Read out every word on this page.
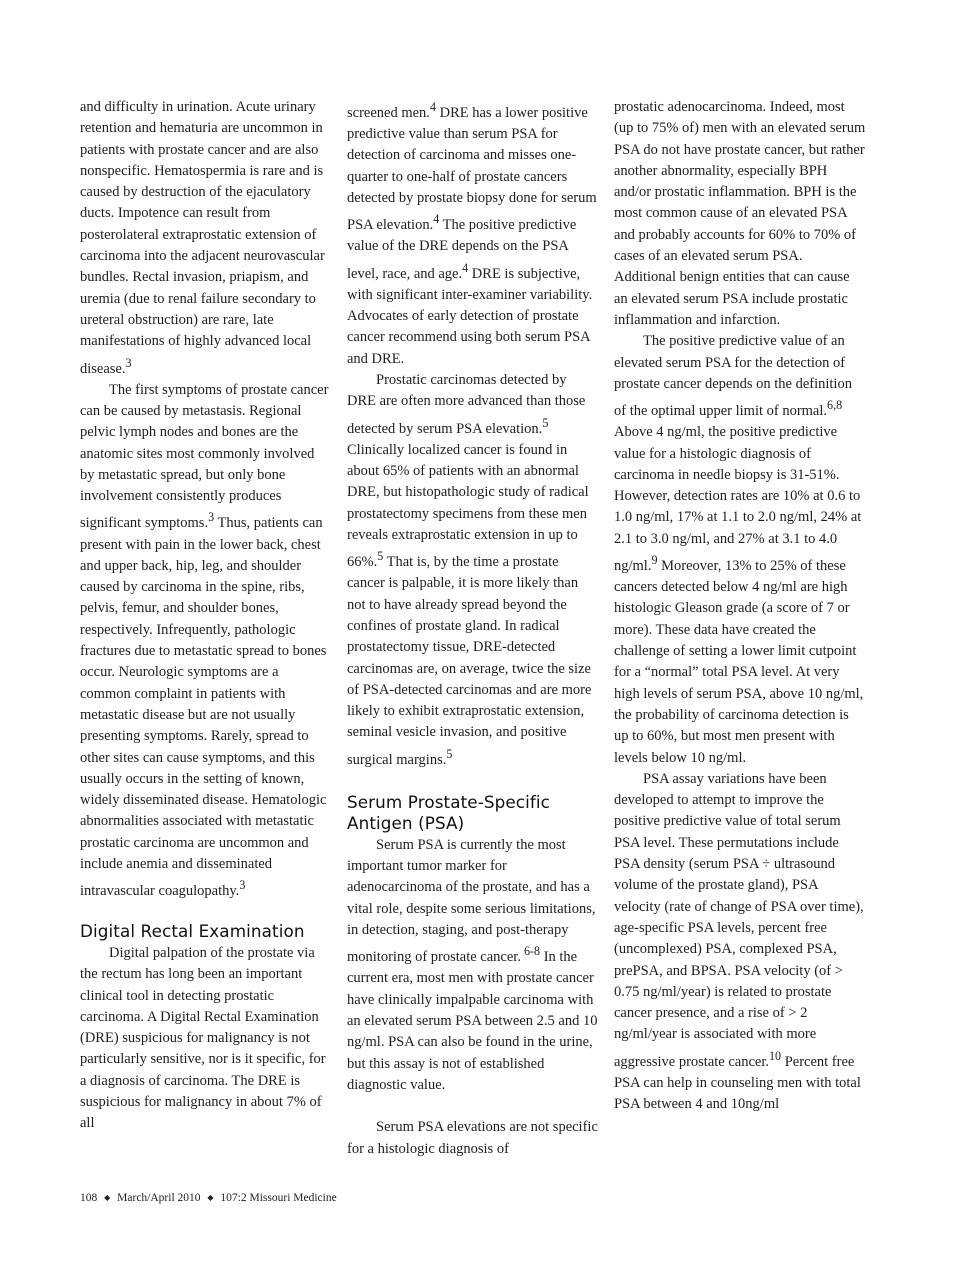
and difficulty in urination. Acute urinary retention and hematuria are uncommon in patients with prostate cancer and are also nonspecific. Hematospermia is rare and is caused by destruction of the ejaculatory ducts. Impotence can result from posterolateral extraprostatic extension of carcinoma into the adjacent neurovascular bundles. Rectal invasion, priapism, and uremia (due to renal failure secondary to ureteral obstruction) are rare, late manifestations of highly advanced local disease.$^3$

The first symptoms of prostate cancer can be caused by metastasis. Regional pelvic lymph nodes and bones are the anatomic sites most commonly involved by metastatic spread, but only bone involvement consistently produces significant symptoms.$^3$ Thus, patients can present with pain in the lower back, chest and upper back, hip, leg, and shoulder caused by carcinoma in the spine, ribs, pelvis, femur, and shoulder bones, respectively. Infrequently, pathologic fractures due to metastatic spread to bones occur. Neurologic symptoms are a common complaint in patients with metastatic disease but are not usually presenting symptoms. Rarely, spread to other sites can cause symptoms, and this usually occurs in the setting of known, widely disseminated disease. Hematologic abnormalities associated with metastatic prostatic carcinoma are uncommon and include anemia and disseminated intravascular coagulopathy.$^3$

Digital Rectal Examination

Digital palpation of the prostate via the rectum has long been an important clinical tool in detecting prostatic carcinoma. A Digital Rectal Examination (DRE) suspicious for malignancy is not particularly sensitive, nor is it specific, for a diagnosis of carcinoma. The DRE is suspicious for malignancy in about 7% of all

screened men.$^4$ DRE has a lower positive predictive value than serum PSA for detection of carcinoma and misses one-quarter to one-half of prostate cancers detected by prostate biopsy done for serum PSA elevation.$^4$ The positive predictive value of the DRE depends on the PSA level, race, and age.$^4$ DRE is subjective, with significant inter-examiner variability. Advocates of early detection of prostate cancer recommend using both serum PSA and DRE.

Prostatic carcinomas detected by DRE are often more advanced than those detected by serum PSA elevation.$^5$ Clinically localized cancer is found in about 65% of patients with an abnormal DRE, but histopathologic study of radical prostatectomy specimens from these men reveals extraprostatic extension in up to 66%.$^5$ That is, by the time a prostate cancer is palpable, it is more likely than not to have already spread beyond the confines of prostate gland. In radical prostatectomy tissue, DRE-detected carcinomas are, on average, twice the size of PSA-detected carcinomas and are more likely to exhibit extraprostatic extension, seminal vesicle invasion, and positive surgical margins.$^5$

Serum Prostate-Specific Antigen (PSA)

Serum PSA is currently the most important tumor marker for adenocarcinoma of the prostate, and has a vital role, despite some serious limitations, in detection, staging, and post-therapy monitoring of prostate cancer. $^{6-8}$ In the current era, most men with prostate cancer have clinically impalpable carcinoma with an elevated serum PSA between 2.5 and 10 ng/ml. PSA can also be found in the urine, but this assay is not of established diagnostic value.

Serum PSA elevations are not specific for a histologic diagnosis of

prostatic adenocarcinoma. Indeed, most (up to 75% of) men with an elevated serum PSA do not have prostate cancer, but rather another abnormality, especially BPH and/or prostatic inflammation. BPH is the most common cause of an elevated PSA and probably accounts for 60% to 70% of cases of an elevated serum PSA. Additional benign entities that can cause an elevated serum PSA include prostatic inflammation and infarction.

The positive predictive value of an elevated serum PSA for the detection of prostate cancer depends on the definition of the optimal upper limit of normal.$^{6,8}$ Above 4 ng/ml, the positive predictive value for a histologic diagnosis of carcinoma in needle biopsy is 31-51%. However, detection rates are 10% at 0.6 to 1.0 ng/ml, 17% at 1.1 to 2.0 ng/ml, 24% at 2.1 to 3.0 ng/ml, and 27% at 3.1 to 4.0 ng/ml.$^9$ Moreover, 13% to 25% of these cancers detected below 4 ng/ml are high histologic Gleason grade (a score of 7 or more). These data have created the challenge of setting a lower limit cutpoint for a “normal” total PSA level. At very high levels of serum PSA, above 10 ng/ml, the probability of carcinoma detection is up to 60%, but most men present with levels below 10 ng/ml.

PSA assay variations have been developed to attempt to improve the positive predictive value of total serum PSA level. These permutations include PSA density (serum PSA ÷ ultrasound volume of the prostate gland), PSA velocity (rate of change of PSA over time), age-specific PSA levels, percent free (uncomplexed) PSA, complexed PSA, prePSA, and BPSA. PSA velocity (of > 0.75 ng/ml/year) is related to prostate cancer presence, and a rise of > 2 ng/ml/year is associated with more aggressive prostate cancer.$^{10}$ Percent free PSA can help in counseling men with total PSA between 4 and 10ng/ml

108 ◆ March/April 2010 ◆ 107:2 Missouri Medicine
